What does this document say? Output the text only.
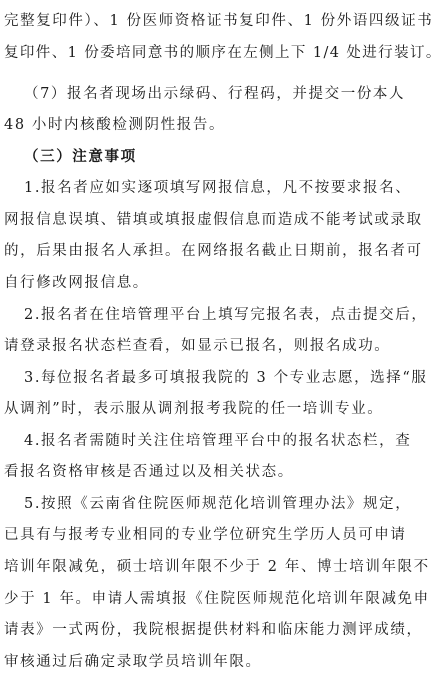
完整复印件）、1 份医师资格证书复印件、1 份外语四级证书
复印件、1 份委培同意书的顺序在左侧上下 1/4 处进行装订。
（7）报名者现场出示绿码、行程码，并提交一份本人
48 小时内核酸检测阴性报告。
（三）注意事项
1.报名者应如实逐项填写网报信息，凡不按要求报名、
网报信息误填、错填或填报虚假信息而造成不能考试或录取
的，后果由报名人承担。在网络报名截止日期前，报名者可
自行修改网报信息。
2.报名者在住培管理平台上填写完报名表，点击提交后，
请登录报名状态栏查看，如显示已报名，则报名成功。
3.每位报名者最多可填报我院的 3 个专业志愿，选择“服
从调剂”时，表示服从调剂报考我院的任一培训专业。
4.报名者需随时关注住培管理平台中的报名状态栏，查
看报名资格审核是否通过以及相关状态。
5.按照《云南省住院医师规范化培训管理办法》规定，
已具有与报考专业相同的专业学位研究生学历人员可申请
培训年限减免，硕士培训年限不少于 2 年、博士培训年限不
少于 1 年。申请人需填报《住院医师规范化培训年限减免申
请表》一式两份，我院根据提供材料和临床能力测评成绩，
审核通过后确定录取学员培训年限。
